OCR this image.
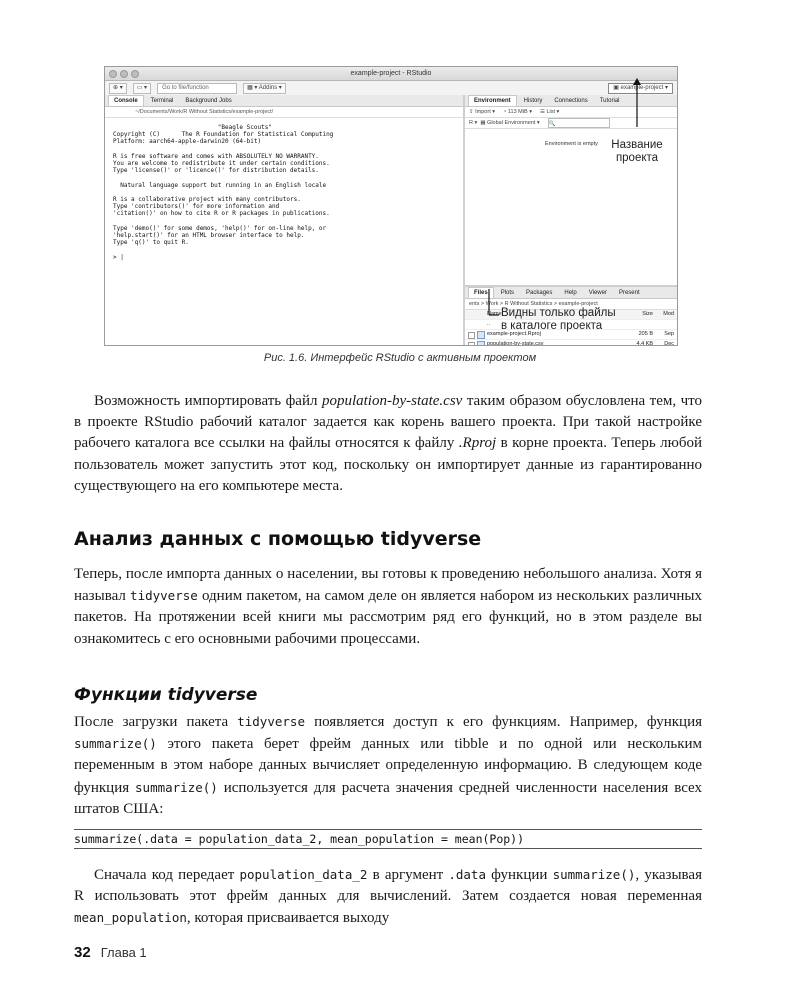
example-project - RStudio
⊕ ▾	▭ ▾	Go to file/function	▦ ▾ Addins ▾	▣ example-project ▾
Console	Terminal	Background Jobs
~/Documents/Work/R Without Statistics/example-project/
"Beagle Scouts"
Copyright (C)      The R Foundation for Statistical Computing
Platform: aarch64-apple-darwin20 (64-bit)

R is free software and comes with ABSOLUTELY NO WARRANTY.
You are welcome to redistribute it under certain conditions.
Type 'license()' or 'licence()' for distribution details.

Natural language support but running in an English locale

R is a collaborative project with many contributors.
Type 'contributors()' for more information and
'citation()' on how to cite R or R packages in publications.

Type 'demo()' for some demos, 'help()' for on-line help, or
'help.start()' for an HTML browser interface to help.
Type 'q()' to quit R.

> |
Environment	History	Connections	Tutorial
⇪ Import ▾ ◔ 113 MiB ▾ ☰ List ▾
R ▾  ▦ Global Environment ▾ 🔍
Environment is empty
Files	Plots	Packages	Help	Viewer	Present
ents > Work > R Without Statistics > example-project
Name	Size Mod
..
example-project.Rproj	205 B Sep
population-by-state.csv	4.4 KB Dec
Название
проекта
Видны только файлы
в каталоге проекта
Рис. 1.6. Интерфейс RStudio с активным проектом
Возможность импортировать файл population-by-state.csv таким образом обусловлена тем, что в проекте RStudio рабочий каталог задается как корень вашего проекта. При такой настройке рабочего каталога все ссылки на файлы относятся к файлу .Rproj в корне проекта. Теперь любой пользователь может запустить этот код, поскольку он импортирует данные из гарантированно существующего на его компьютере места.
Анализ данных с помощью tidyverse
Теперь, после импорта данных о населении, вы готовы к проведению небольшого анализа. Хотя я называл tidyverse одним пакетом, на самом деле он является набором из нескольких различных пакетов. На протяжении всей книги мы рассмотрим ряд его функций, но в этом разделе вы ознакомитесь с его основными рабочими процессами.
Функции tidyverse
После загрузки пакета tidyverse появляется доступ к его функциям. Например, функция summarize() этого пакета берет фрейм данных или tibble и по одной или нескольким переменным в этом наборе данных вычисляет определенную информацию. В следующем коде функция summarize() используется для расчета значения средней численности населения всех штатов США:
summarize(.data = population_data_2, mean_population = mean(Pop))
Сначала код передает population_data_2 в аргумент .data функции summarize(), указывая R использовать этот фрейм данных для вычислений. Затем создается новая переменная mean_population, которая присваивается выходу
32 Глава 1
